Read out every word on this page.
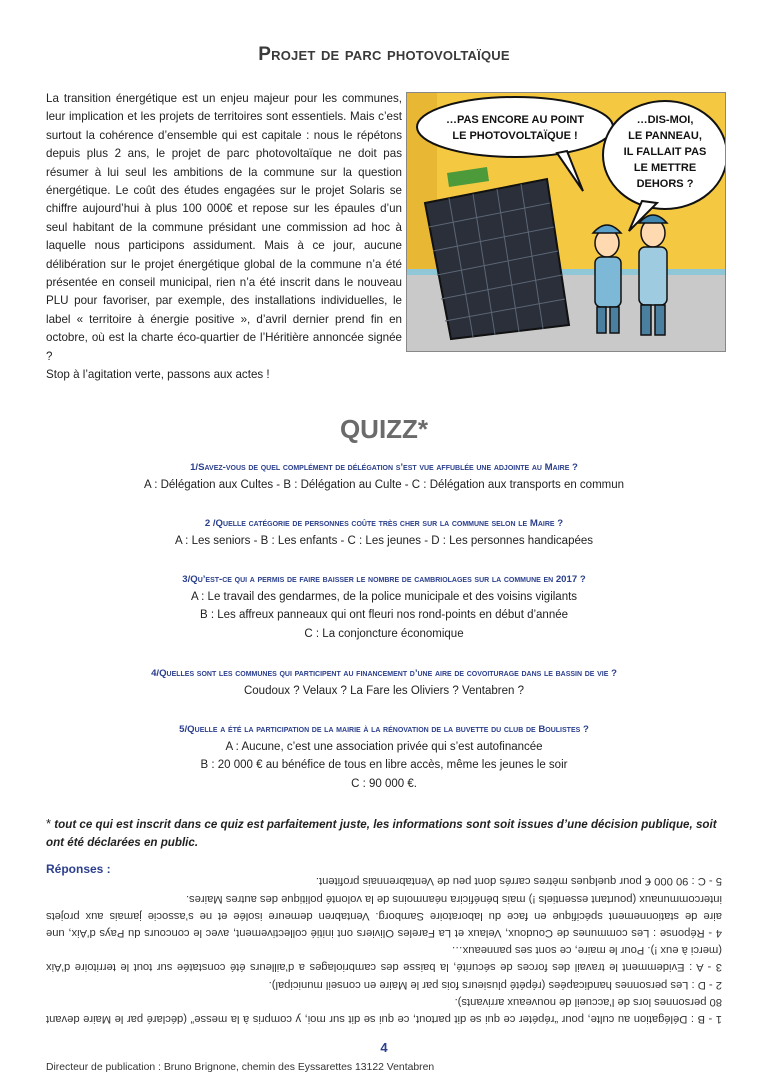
Projet de parc photovoltaïque

La transition énergétique est un enjeu majeur pour les communes, leur implication et les projets de territoires sont essentiels. Mais c’est surtout la cohérence d’ensemble qui est capitale : nous le répétons depuis plus 2 ans, le projet de parc photovoltaïque ne doit pas résumer à lui seul les ambitions de la commune sur la question énergétique. Le coût des études engagées sur le projet Solaris se chiffre aujourd’hui à plus 100 000€ et repose sur les épaules d’un seul habitant de la commune présidant une commission ad hoc à laquelle nous participons assidument. Mais à ce jour, aucune délibération sur le projet énergétique global de la commune n’a été présentée en conseil municipal, rien n’a été inscrit dans le nouveau PLU pour favoriser, par exemple, des installations individuelles, le label « territoire à énergie positive », d’avril dernier prend fin en octobre, où est la charte éco-quartier de l’Héritière annoncée signée ?

Stop à l’agitation verte, passons aux actes !

…PAS ENCORE AU POINT
LE PHOTOVOLTAÏQUE !
…DIS-MOI,
LE PANNEAU,
IL FALLAIT PAS
LE METTRE
DEHORS ?
QUIZZ*
1/Savez-vous de quel complément de délégation s’est vue affublée une adjointe au Maire ?
A : Délégation aux Cultes - B : Délégation au Culte - C : Délégation aux transports en commun
2 /Quelle catégorie de personnes coûte très cher sur la commune selon le Maire ?
A : Les seniors - B : Les enfants - C : Les jeunes - D : Les personnes handicapées
3/Qu’est-ce qui a permis de faire baisser le nombre de cambriolages sur la commune en 2017 ?
A : Le travail des gendarmes, de la police municipale et des voisins vigilants
B : Les affreux panneaux qui ont fleuri nos rond-points en début d’année
C : La conjoncture économique
4/Quelles sont les communes qui participent au financement d’une aire de covoiturage dans le bassin de vie ?
Coudoux ? Velaux ? La Fare les Oliviers ? Ventabren ?
5/Quelle a été la participation de la mairie à la rénovation de la buvette du club de Boulistes ?
A : Aucune, c’est une association privée qui s’est autofinancée
B : 20 000 € au bénéfice de tous en libre accès, même les jeunes le soir
C : 90 000 €.
* tout ce qui est inscrit dans ce quiz est parfaitement juste, les informations sont soit issues d’une décision publique, soit ont été déclarées en public.
Réponses :

1 - B : Délégation au culte, pour “répéter ce qui se dit partout, ce qui se dit sur moi, y compris à la messe” (déclaré par le Maire devant 80 personnes lors de l’accueil de nouveaux arrivants).

2 - D : Les personnes handicapées (répété plusieurs fois par le Maire en conseil municipal).

3 - A : Evidemment le travail des forces de sécurité, la baisse des cambriolages a d’ailleurs été constatée sur tout le territoire d’Aix (merci à eux !). Pour le maire, ce sont ses panneaux…

4 - Réponse : Les communes de Coudoux, Velaux et La Fareles Oliviers ont initié collectivement, avec le concours du Pays d’Aix, une aire de stationnement spécifique en face du laboratoire Samborg. Ventabren demeure isolée et ne s’associe jamais aux projets intercommunaux (pourtant essentiels !) mais bénéficira néanmoins de la volonté politique des autres Maires.

5 - C : 90 000 € pour quelques mètres carrés dont peu de Ventabrennais profitent.

4
Directeur de publication : Bruno Brignone, chemin des Eyssarettes 13122 Ventabren
